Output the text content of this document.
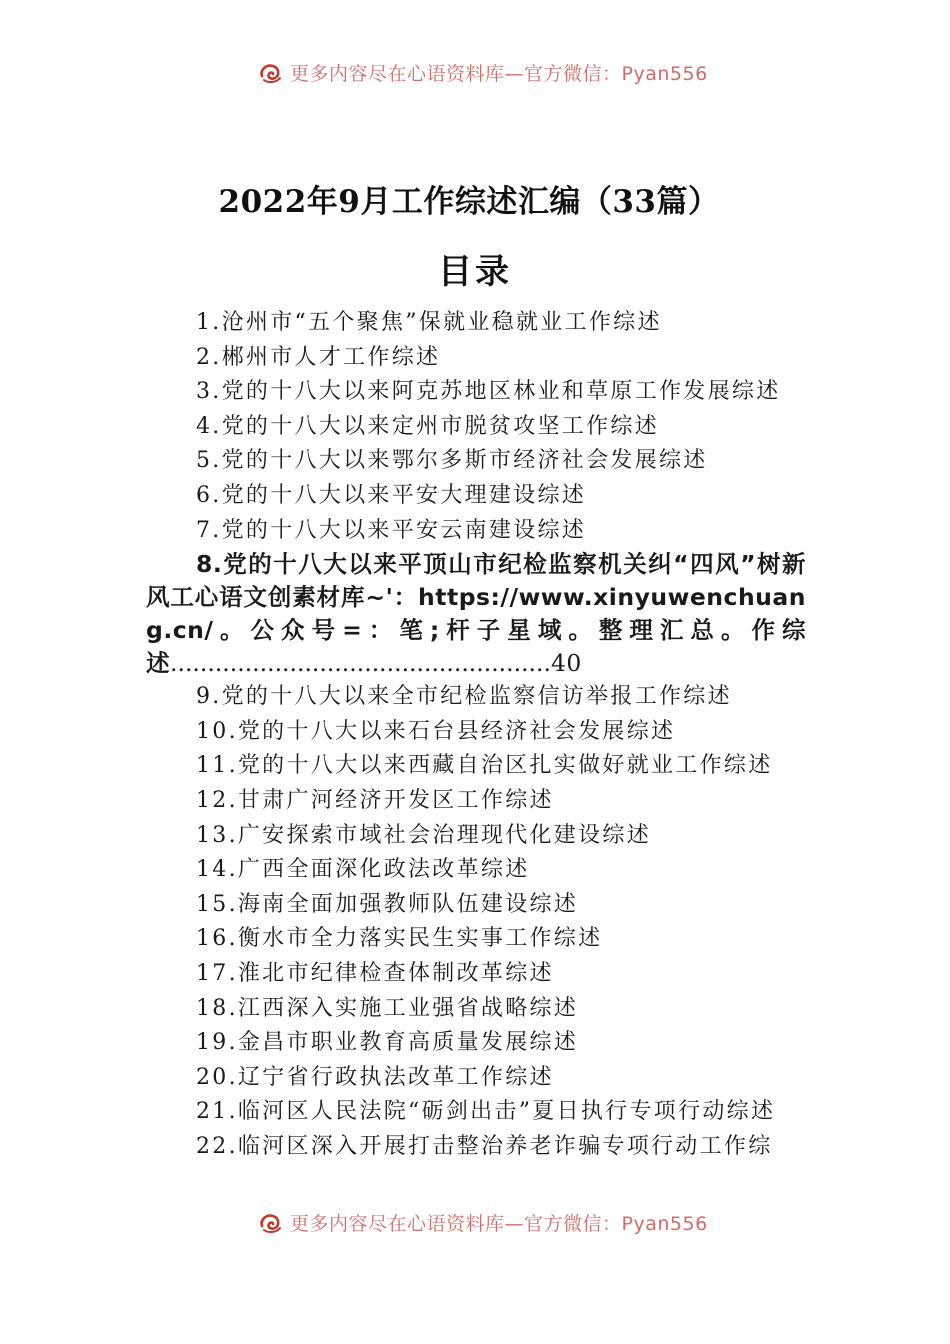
更多内容尽在心语资料库—官方微信：Pyan556
2022年9月工作综述汇编（33篇）
目录
1.沧州市“五个聚焦”保就业稳就业工作综述
2.郴州市人才工作综述
3.党的十八大以来阿克苏地区林业和草原工作发展综述
4.党的十八大以来定州市脱贫攻坚工作综述
5.党的十八大以来鄂尔多斯市经济社会发展综述
6.党的十八大以来平安大理建设综述
7.党的十八大以来平安云南建设综述
8.党的十八大以来平顶山市纪检监察机关纠“四风”树新风工心语文创素材库~'：https://www.xinyuwenchuang.cn/。公众号=：笔;杆子星域。整理汇总。作综述...................................................40
9.党的十八大以来全市纪检监察信访举报工作综述
10.党的十八大以来石台县经济社会发展综述
11.党的十八大以来西藏自治区扎实做好就业工作综述
12.甘肃广河经济开发区工作综述
13.广安探索市域社会治理现代化建设综述
14.广西全面深化政法改革综述
15.海南全面加强教师队伍建设综述
16.衡水市全力落实民生实事工作综述
17.淮北市纪律检查体制改革综述
18.江西深入实施工业强省战略综述
19.金昌市职业教育高质量发展综述
20.辽宁省行政执法改革工作综述
21.临河区人民法院“砺剑出击”夏日执行专项行动综述
22.临河区深入开展打击整治养老诈骗专项行动工作综
更多内容尽在心语资料库—官方微信：Pyan556
